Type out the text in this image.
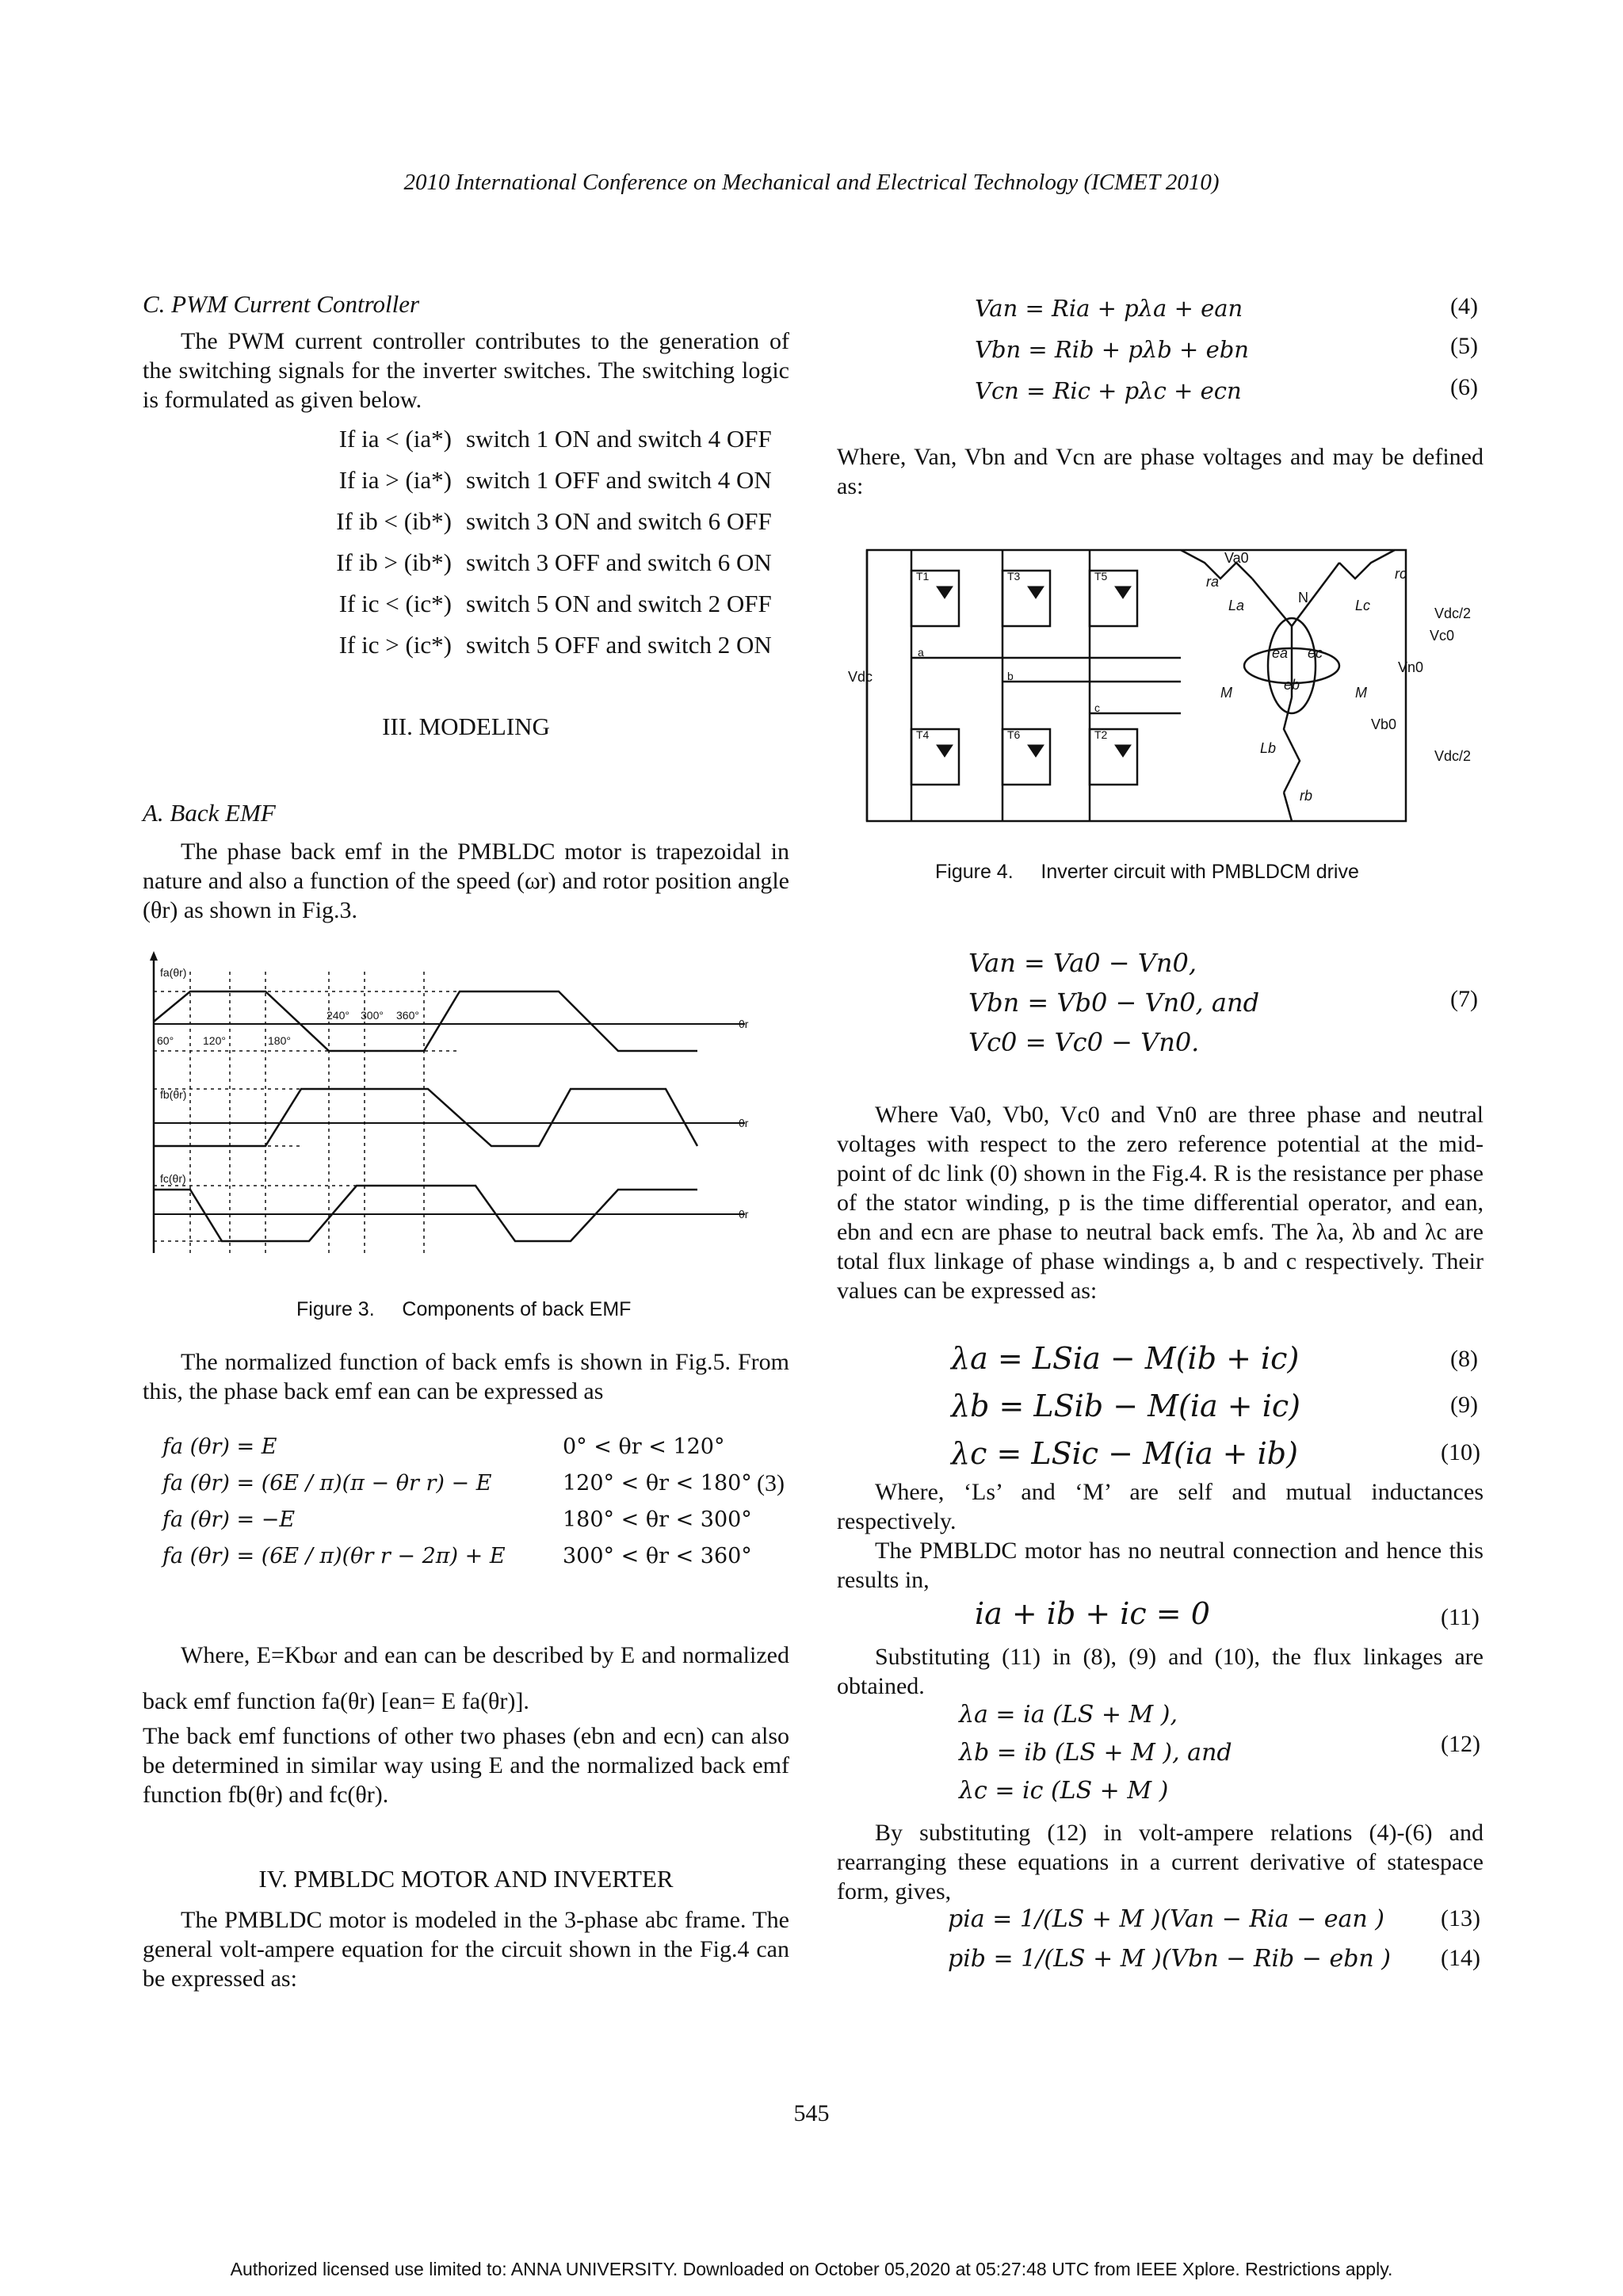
2010 International Conference on Mechanical and Electrical Technology (ICMET 2010)
C. PWM Current Controller
The PWM current controller contributes to the generation of the switching signals for the inverter switches. The switching logic is formulated as given below.
If ia < (ia*) switch 1 ON and switch 4 OFF
If ia > (ia*) switch 1 OFF and switch 4 ON
If ib < (ib*) switch 3 ON and switch 6 OFF
If ib > (ib*) switch 3 OFF and switch 6 ON
If ic < (ic*) switch 5 ON and switch 2 OFF
If ic > (ic*) switch 5 OFF and switch 2 ON
III. MODELING
A. Back EMF
The phase back emf in the PMBLDC motor is trapezoidal in nature and also a function of the speed (ωr) and rotor position angle (θr) as shown in Fig.3.
fa(θr)
fb(θr)
fc(θr)
240° 300° 360°
60°	120°	180°
θr
θr
θr
Figure 3. Components of back EMF
The normalized function of back emfs is shown in Fig.5. From this, the phase back emf ean can be expressed as
fa (θr) = E	0° < θr < 120°
fa (θr) = (6E / π)(π − θr r) − E	120° < θr < 180°
fa (θr) = −E	180° < θr < 300°
fa (θr) = (6E / π)(θr r − 2π) + E	300° < θr < 360°
(3)
Where, E=Kbωr and ean can be described by E and normalized back emf function fa(θr) [ean= E fa(θr)].
The back emf functions of other two phases (ebn and ecn) can also be determined in similar way using E and the normalized back emf function fb(θr) and fc(θr).
IV. PMBLDC MOTOR AND INVERTER
The PMBLDC motor is modeled in the 3-phase abc frame. The general volt-ampere equation for the circuit shown in the Fig.4 can be expressed as:
Van = Ria + pλa + ean
Vbn = Rib + pλb + ebn
Vcn = Ric + pλc + ecn
(4)
(5)
(6)
Where, Van, Vbn and Vcn are phase voltages and may be defined as:
Vdc
Va0
Vdc/2
Vc0
Vn0
Vb0
Vdc/2
N
T1	T3	T5
T4	T6	T2
a
b
c
ra
rb
rc
La
Lb
Lc
M	M
ea
eb
ec
Figure 4. Inverter circuit with PMBLDCM drive
Van = Va0 − Vn0,
Vbn = Vb0 − Vn0, and
Vc0 = Vc0 − Vn0.
(7)
Where Va0, Vb0, Vc0 and Vn0 are three phase and neutral voltages with respect to the zero reference potential at the mid-point of dc link (0) shown in the Fig.4. R is the resistance per phase of the stator winding, p is the time differential operator, and ean, ebn and ecn are phase to neutral back emfs. The λa, λb and λc are total flux linkage of phase windings a, b and c respectively. Their values can be expressed as:
λa = LSia − M(ib + ic)
λb = LSib − M(ia + ic)
λc = LSic − M(ia + ib)
(8)
(9)
(10)
Where, ‘Ls’ and ‘M’ are self and mutual inductances respectively.
The PMBLDC motor has no neutral connection and hence this results in,
ia + ib + ic = 0	(11)
Substituting (11) in (8), (9) and (10), the flux linkages are obtained.
λa = ia (LS + M ),
λb = ib (LS + M ), and
λc = ic (LS + M )
(12)
By substituting (12) in volt-ampere relations (4)-(6) and rearranging these equations in a current derivative of statespace form, gives,
pia = 1/(LS + M )(Van − Ria − ean )
pib = 1/(LS + M )(Vbn − Rib − ebn )
(13)
(14)
545
Authorized licensed use limited to: ANNA UNIVERSITY. Downloaded on October 05,2020 at 05:27:48 UTC from IEEE Xplore. Restrictions apply.
